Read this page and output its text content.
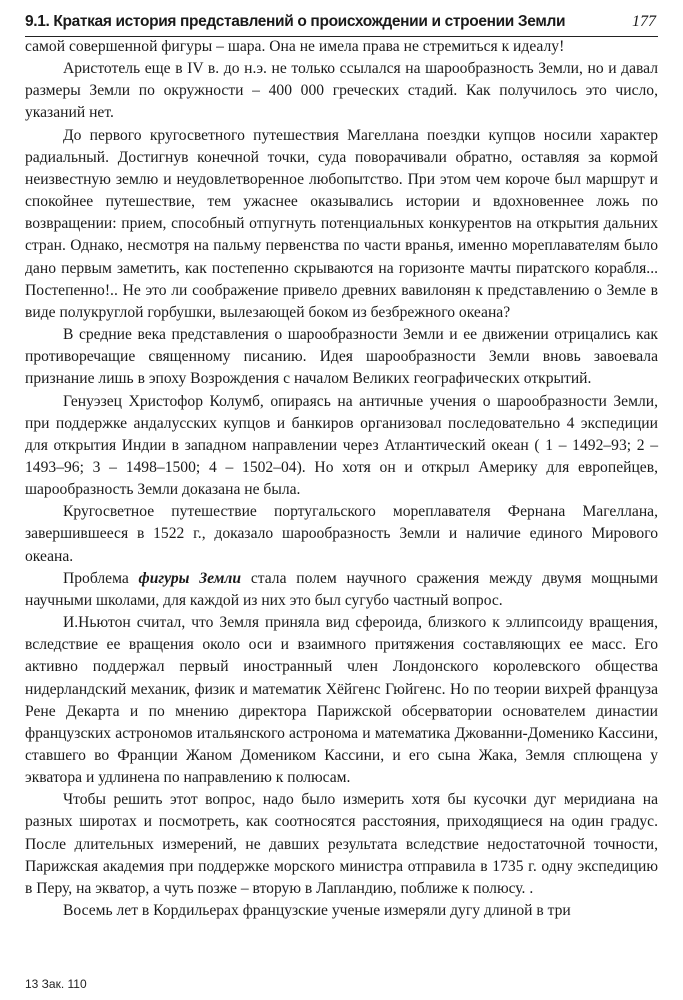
9.1. Краткая история представлений о происхождении и строении Земли	177

самой совершенной фигуры – шара. Она не имела права не стремиться к идеалу!

Аристотель еще в IV в. до н.э. не только ссылался на шарообразность Земли, но и давал размеры Земли по окружности – 400 000 греческих стадий. Как получилось это число, указаний нет.

До первого кругосветного путешествия Магеллана поездки купцов носили характер радиальный. Достигнув конечной точки, суда поворачивали обратно, оставляя за кормой неизвестную землю и неудовлетворенное любопытство. При этом чем короче был маршрут и спокойнее путешествие, тем ужаснее оказывались истории и вдохновеннее ложь по возвращении: прием, способный отпугнуть потенциальных конкурентов на открытия дальних стран. Однако, несмотря на пальму первенства по части вранья, именно мореплавателям было дано первым заметить, как постепенно скрываются на горизонте мачты пиратского корабля... Постепенно!.. Не это ли соображение привело древних вавилонян к представлению о Земле в виде полукруглой горбушки, вылезающей боком из безбрежного океана?

В средние века представления о шарообразности Земли и ее движении отрицались как противоречащие священному писанию. Идея шарообразности Земли вновь завоевала признание лишь в эпоху Возрождения с началом Великих географических открытий.

Генуэзец Христофор Колумб, опираясь на античные учения о шарообразности Земли, при поддержке андалусских купцов и банкиров организовал последовательно 4 экспедиции для открытия Индии в западном направлении через Атлантический океан ( 1 – 1492–93; 2 – 1493–96; 3 – 1498–1500; 4 – 1502–04). Но хотя он и открыл Америку для европейцев, шарообразность Земли доказана не была.

Кругосветное путешествие португальского мореплавателя Фернана Магеллана, завершившееся в 1522 г., доказало шарообразность Земли и наличие единого Мирового океана.

Проблема фигуры Земли стала полем научного сражения между двумя мощными научными школами, для каждой из них это был сугубо частный вопрос.

И.Ньютон считал, что Земля приняла вид сфероида, близкого к эллипсоиду вращения, вследствие ее вращения около оси и взаимного притяжения составляющих ее масс. Его активно поддержал первый иностранный член Лондонского королевского общества нидерландский механик, физик и математик Хёйгенс Гюйгенс. Но по теории вихрей француза Рене Декарта и по мнению директора Парижской обсерватории основателем династии французских астрономов итальянского астронома и математика Джованни-Доменико Кассини, ставшего во Франции Жаном Домеником Кассини, и его сына Жака, Земля сплющена у экватора и удлинена по направлению к полюсам.

Чтобы решить этот вопрос, надо было измерить хотя бы кусочки дуг меридиана на разных широтах и посмотреть, как соотносятся расстояния, приходящиеся на один градус. После длительных измерений, не давших результата вследствие недостаточной точности, Парижская академия при поддержке морского министра отправила в 1735 г. одну экспедицию в Перу, на экватор, а чуть позже – вторую в Лапландию, поближе к полюсу. .

Восемь лет в Кордильерах французские ученые измеряли дугу длиной в три

13 Зак. 110
